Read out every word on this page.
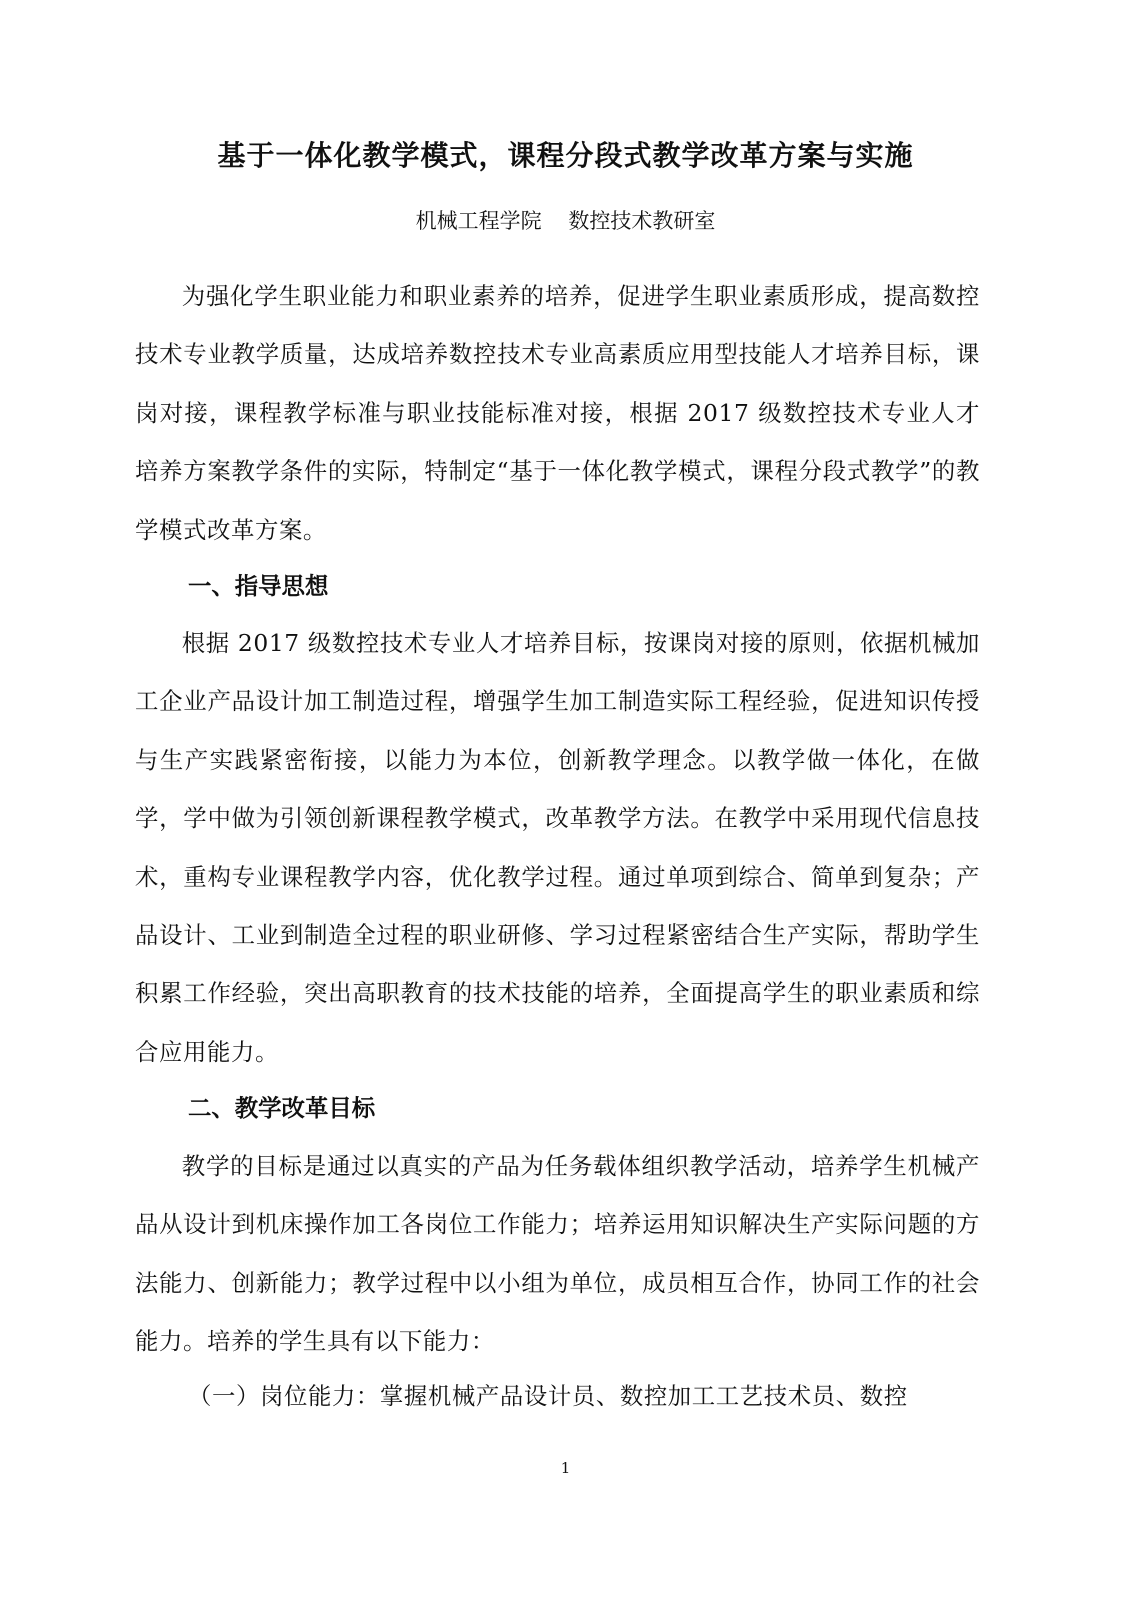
基于一体化教学模式，课程分段式教学改革方案与实施
机械工程学院    数控技术教研室

为强化学生职业能力和职业素养的培养，促进学生职业素质形成，提高数控技术专业教学质量，达成培养数控技术专业高素质应用型技能人才培养目标，课岗对接，课程教学标准与职业技能标准对接，根据 2017 级数控技术专业人才培养方案教学条件的实际，特制定“基于一体化教学模式，课程分段式教学”的教学模式改革方案。

一、指导思想

根据 2017 级数控技术专业人才培养目标，按课岗对接的原则，依据机械加工企业产品设计加工制造过程，增强学生加工制造实际工程经验，促进知识传授与生产实践紧密衔接，以能力为本位，创新教学理念。以教学做一体化，在做学，学中做为引领创新课程教学模式，改革教学方法。在教学中采用现代信息技术，重构专业课程教学内容，优化教学过程。通过单项到综合、简单到复杂；产品设计、工业到制造全过程的职业研修、学习过程紧密结合生产实际，帮助学生积累工作经验，突出高职教育的技术技能的培养，全面提高学生的职业素质和综合应用能力。

二、教学改革目标

教学的目标是通过以真实的产品为任务载体组织教学活动，培养学生机械产品从设计到机床操作加工各岗位工作能力；培养运用知识解决生产实际问题的方法能力、创新能力；教学过程中以小组为单位，成员相互合作，协同工作的社会能力。培养的学生具有以下能力：

（一）岗位能力：掌握机械产品设计员、数控加工工艺技术员、数控
1
